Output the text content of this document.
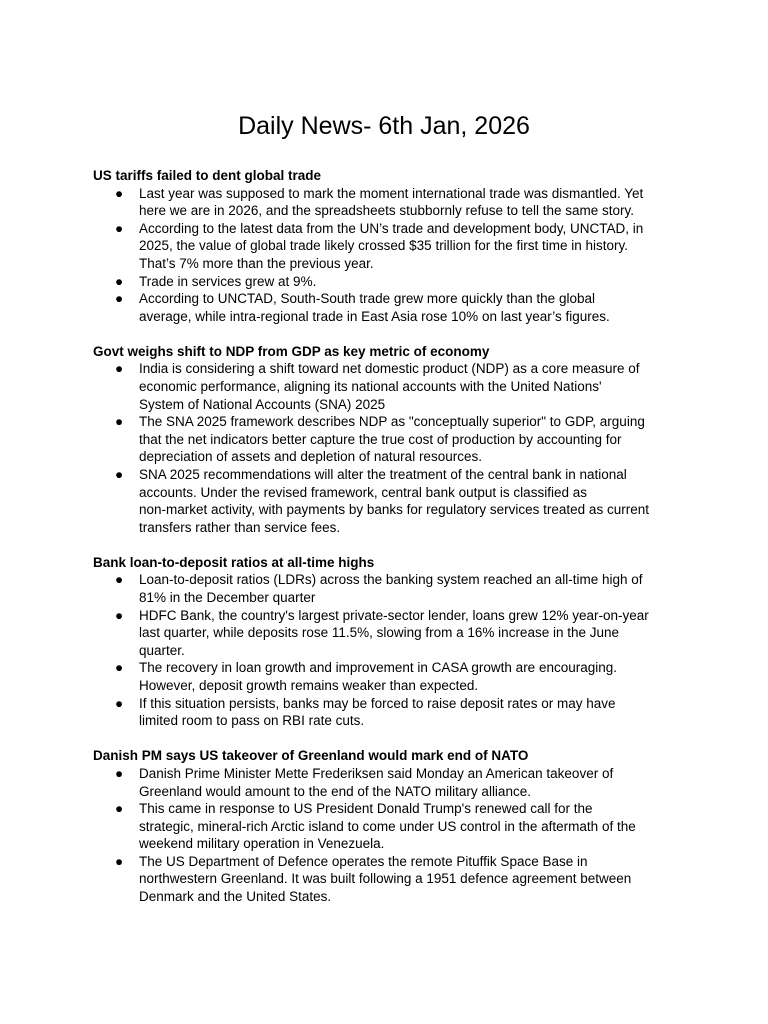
Daily News- 6th Jan, 2026

US tariffs failed to dent global trade

● Last year was supposed to mark the moment international trade was dismantled. Yet
here we are in 2026, and the spreadsheets stubbornly refuse to tell the same story.
● According to the latest data from the UN’s trade and development body, UNCTAD, in
2025, the value of global trade likely crossed $35 trillion for the first time in history.
That’s 7% more than the previous year.
● Trade in services grew at 9%.
● According to UNCTAD, South-South trade grew more quickly than the global
average, while intra-regional trade in East Asia rose 10% on last year’s figures.

Govt weighs shift to NDP from GDP as key metric of economy

● India is considering a shift toward net domestic product (NDP) as a core measure of
economic performance, aligning its national accounts with the United Nations'
System of National Accounts (SNA) 2025
● The SNA 2025 framework describes NDP as "conceptually superior" to GDP, arguing
that the net indicators better capture the true cost of production by accounting for
depreciation of assets and depletion of natural resources.
● SNA 2025 recommendations will alter the treatment of the central bank in national
accounts. Under the revised framework, central bank output is classified as
non-market activity, with payments by banks for regulatory services treated as current
transfers rather than service fees.

Bank loan-to-deposit ratios at all-time highs

● Loan-to-deposit ratios (LDRs) across the banking system reached an all-time high of
81% in the December quarter
● HDFC Bank, the country's largest private-sector lender, loans grew 12% year-on-year
last quarter, while deposits rose 11.5%, slowing from a 16% increase in the June
quarter.
● The recovery in loan growth and improvement in CASA growth are encouraging.
However, deposit growth remains weaker than expected.
● If this situation persists, banks may be forced to raise deposit rates or may have
limited room to pass on RBI rate cuts.

Danish PM says US takeover of Greenland would mark end of NATO

● Danish Prime Minister Mette Frederiksen said Monday an American takeover of
Greenland would amount to the end of the NATO military alliance.
● This came in response to US President Donald Trump's renewed call for the
strategic, mineral-rich Arctic island to come under US control in the aftermath of the
weekend military operation in Venezuela.
● The US Department of Defence operates the remote Pituffik Space Base in
northwestern Greenland. It was built following a 1951 defence agreement between
Denmark and the United States.
